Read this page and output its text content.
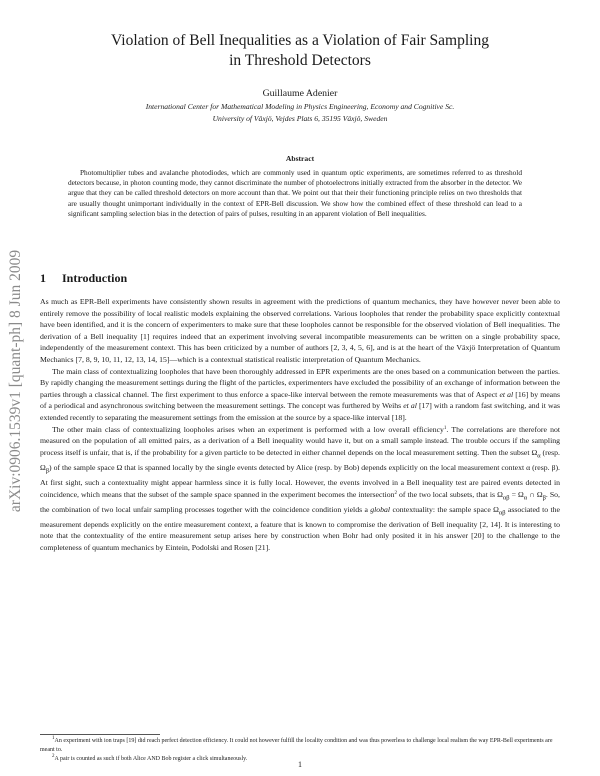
arXiv:0906.1539v1 [quant-ph] 8 Jun 2009
Violation of Bell Inequalities as a Violation of Fair Sampling
in Threshold Detectors
Guillaume Adenier
International Center for Mathematical Modeling in Physics Engineering, Economy and Cognitive Sc.
University of Växjö, Vejdes Plats 6, 35195 Växjö, Sweden
Abstract
Photomultiplier tubes and avalanche photodiodes, which are commonly used in quantum optic experiments, are sometimes referred to as threshold detectors because, in photon counting mode, they cannot discriminate the number of photoelectrons initially extracted from the absorber in the detector. We argue that they can be called threshold detectors on more account than that. We point out that their their functioning principle relies on two thresholds that are usually thought unimportant individually in the context of EPR-Bell discussion. We show how the combined effect of these threshold can lead to a significant sampling selection bias in the detection of pairs of pulses, resulting in an apparent violation of Bell inequalities.
1 Introduction

As much as EPR-Bell experiments have consistently shown results in agreement with the predictions of quantum mechanics, they have however never been able to entirely remove the possibility of local realistic models explaining the observed correlations. Various loopholes that render the probability space explicitly contextual have been identified, and it is the concern of experimenters to make sure that these loopholes cannot be responsible for the observed violation of Bell inequalities. The derivation of a Bell inequality [1] requires indeed that an experiment involving several incompatible measurements can be written on a single probability space, independently of the measurement context. This has been criticized by a number of authors [2, 3, 4, 5, 6], and is at the heart of the Växjö Interpretation of Quantum Mechanics [7, 8, 9, 10, 11, 12, 13, 14, 15]—which is a contextual statistical realistic interpretation of Quantum Mechanics.

The main class of contextualizing loopholes that have been thoroughly addressed in EPR experiments are the ones based on a communication between the parties. By rapidly changing the measurement settings during the flight of the particles, experimenters have excluded the possibility of an exchange of information between the parties through a classical channel. The first experiment to thus enforce a space-like interval between the remote measurements was that of Aspect et al [16] by means of a periodical and asynchronous switching between the measurement settings. The concept was furthered by Weihs et al [17] with a random fast switching, and it was extended recently to separating the measurement settings from the emission at the source by a space-like interval [18].

The other main class of contextualizing loopholes arises when an experiment is performed with a low overall efficiency$^1$. The correlations are therefore not measured on the population of all emitted pairs, as a derivation of a Bell inequality would have it, but on a small sample instead. The trouble occurs if the sampling process itself is unfair, that is, if the probability for a given particle to be detected in either channel depends on the local measurement setting. Then the subset $\Omega_\alpha$ (resp. $\Omega_\beta$) of the sample space Ω that is spanned locally by the single events detected by Alice (resp. by Bob) depends explicitly on the local measurement context α (resp. β). At first sight, such a contextuality might appear harmless since it is fully local. However, the events involved in a Bell inequality test are paired events detected in coincidence, which means that the subset of the sample space spanned in the experiment becomes the intersection$^2$ of the two local subsets, that is $\Omega_{\alpha\beta} = \Omega_\alpha$ ∩ $\Omega_\beta$. So, the combination of two local unfair sampling processes together with the coincidence condition yields a global contextuality: the sample space $\Omega_{\alpha\beta}$ associated to the measurement depends explicitly on the entire measurement context, a feature that is known to compromise the derivation of Bell inequality [2, 14]. It is interesting to note that the contextuality of the entire measurement setup arises here by construction when Bohr had only posited it in his answer [20] to the challenge to the completeness of quantum mechanics by Eintein, Podolski and Rosen [21].

$^1$An experiment with ion traps [19] did reach perfect detection efficiency. It could not however fulfill the locality condition and was thus powerless to challenge local realism the way EPR-Bell experiments are meant to.
$^2$A pair is counted as such if both Alice AND Bob register a click simultaneously.
1
